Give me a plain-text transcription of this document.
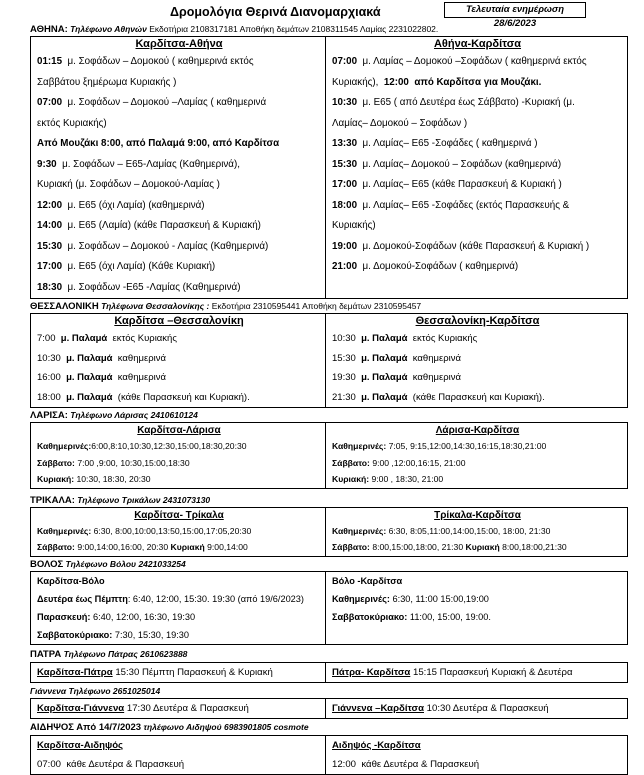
Δρομολόγια Θερινά Διανομαρχιακά	Τελευταία ενημέρωση 28/6/2023
ΑΘΗΝΑ: Τηλέφωνο Αθηνών Εκδοτήρια 2108317181 Αποθήκη δεμάτων 2108311545 Λαμίας 2231022802.
Καρδίτσα-Αθήνα
01:15 μ. Σοφάδων – Δομοκού ( καθημερινά εκτός
Σαββάτου ξημέρωμα Κυριακής )
07:00 μ. Σοφάδων – Δομοκού –Λαμίας ( καθημερινά
εκτός Κυριακής)
Από Μουζάκι 8:00, από Παλαμά 9:00, από Καρδίτσα
9:30 μ. Σοφάδων – Ε65-Λαμίας (Καθημερινά),
Κυριακή (μ. Σοφάδων – Δομοκού-Λαμίας )
12:00 μ. Ε65 (όχι Λαμία) (καθημερινά)
14:00 μ. Ε65 (Λαμία) (κάθε Παρασκευή & Κυριακή)
15:30 μ. Σοφάδων – Δομοκού - Λαμίας (Καθημερινά)
17:00 μ. Ε65 (όχι Λαμία) (Κάθε Κυριακή)
18:30 μ. Σοφάδων -Ε65 -Λαμίας (Καθημερινά)

Αθήνα-Καρδίτσα
07:00 μ. Λαμίας – Δομοκού –Σοφάδων ( καθημερινά εκτός
Κυριακής), 12:00 από Καρδίτσα για Μουζάκι.
10:30 μ. Ε65 ( από Δευτέρα έως Σάββατο) -Κυριακή (μ.
Λαμίας– Δομοκού – Σοφάδων )
13:30 μ. Λαμίας– Ε65 -Σοφάδες ( καθημερινά )
15:30 μ. Λαμίας– Δομοκού – Σοφάδων (καθημερινά)
17:00 μ. Λαμίας– Ε65 (κάθε Παρασκευή & Κυριακή )
18:00 μ. Λαμίας– Ε65 -Σοφάδες (εκτός Παρασκευής &
Κυριακής)
19:00 μ. Δομοκού-Σοφάδων (κάθε Παρασκευή & Κυριακή )
21:00 μ. Δομοκού-Σοφάδων ( καθημερινά)
ΘΕΣΣΑΛΟΝΙΚΗ Τηλέφωνα Θεσσαλονίκης : Εκδοτήρια 2310595441 Αποθήκη δεμάτων 2310595457
Καρδίτσα –Θεσσαλονίκη
7:00 μ. Παλαμά εκτός Κυριακής
10:30 μ. Παλαμά καθημερινά
16:00 μ. Παλαμά καθημερινά
18:00 μ. Παλαμά (κάθε Παρασκευή και Κυριακή).

Θεσσαλονίκη-Καρδίτσα
10:30 μ. Παλαμά εκτός Κυριακής
15:30 μ. Παλαμά καθημερινά
19:30 μ. Παλαμά καθημερινά
21:30 μ. Παλαμά (κάθε Παρασκευή και Κυριακή).
ΛΑΡΙΣΑ: Τηλέφωνο Λάρισας 2410610124
Καρδίτσα-Λάρισα
Καθημερινές:6:00,8:10,10:30,12:30,15:00,18:30,20:30
Σάββατο: 7:00 ,9:00, 10:30,15:00,18:30
Κυριακή: 10:30, 18:30, 20:30

Λάρισα-Καρδίτσα
Καθημερινές: 7:05, 9:15,12:00,14:30,16:15,18:30,21:00
Σάββατο: 9:00 ,12:00,16:15, 21:00
Κυριακή: 9:00 , 18:30, 21:00
ΤΡΙΚΑΛΑ: Τηλέφωνο Τρικάλων 2431073130
Καρδίτσα- Τρίκαλα
Καθημερινές: 6:30, 8:00,10:00,13:50,15:00,17:05,20:30
Σάββατο: 9:00,14:00,16:00, 20:30 Κυριακή 9:00,14:00

Τρίκαλα-Καρδίτσα
Καθημερινές: 6:30, 8:05,11:00,14:00,15:00, 18:00, 21:30
Σάββατο: 8:00,15:00,18:00, 21:30 Κυριακή 8:00,18:00,21:30
ΒΟΛΟΣ Τηλέφωνο Βόλου 2421033254
Καρδίτσα-Βόλο
Δευτέρα έως Πέμπτη: 6:40, 12:00, 15:30. 19:30 (από 19/6/2023)
Παρασκευή: 6:40, 12:00, 16:30, 19:30
Σαββατοκύριακο: 7:30, 15:30, 19:30

Βόλο -Καρδίτσα
Καθημερινές: 6:30, 11:00 15:00,19:00
Σαββατοκύριακο: 11:00, 15:00, 19:00.
ΠΑΤΡΑ Τηλέφωνο Πάτρας 2610623888
Καρδίτσα-Πάτρα 15:30 Πέμπτη Παρασκευή & Κυριακή	Πάτρα- Καρδίτσα 15:15 Παρασκευή Κυριακή & Δευτέρα
Γιάννενα Τηλέφωνο 2651025014
Καρδίτσα-Γιάννενα 17:30 Δευτέρα & Παρασκευή	Γιάννενα –Καρδίτσα 10:30 Δευτέρα & Παρασκευή
ΑΙΔΗΨΟΣ Από 14/7/2023 τηλέφωνο Αιδηψού 6983901805 cosmote
Καρδίτσα-Αιδηψός
07:00 κάθε Δευτέρα & Παρασκευή

Αιδηψός -Καρδίτσα
12:00 κάθε Δευτέρα & Παρασκευή
